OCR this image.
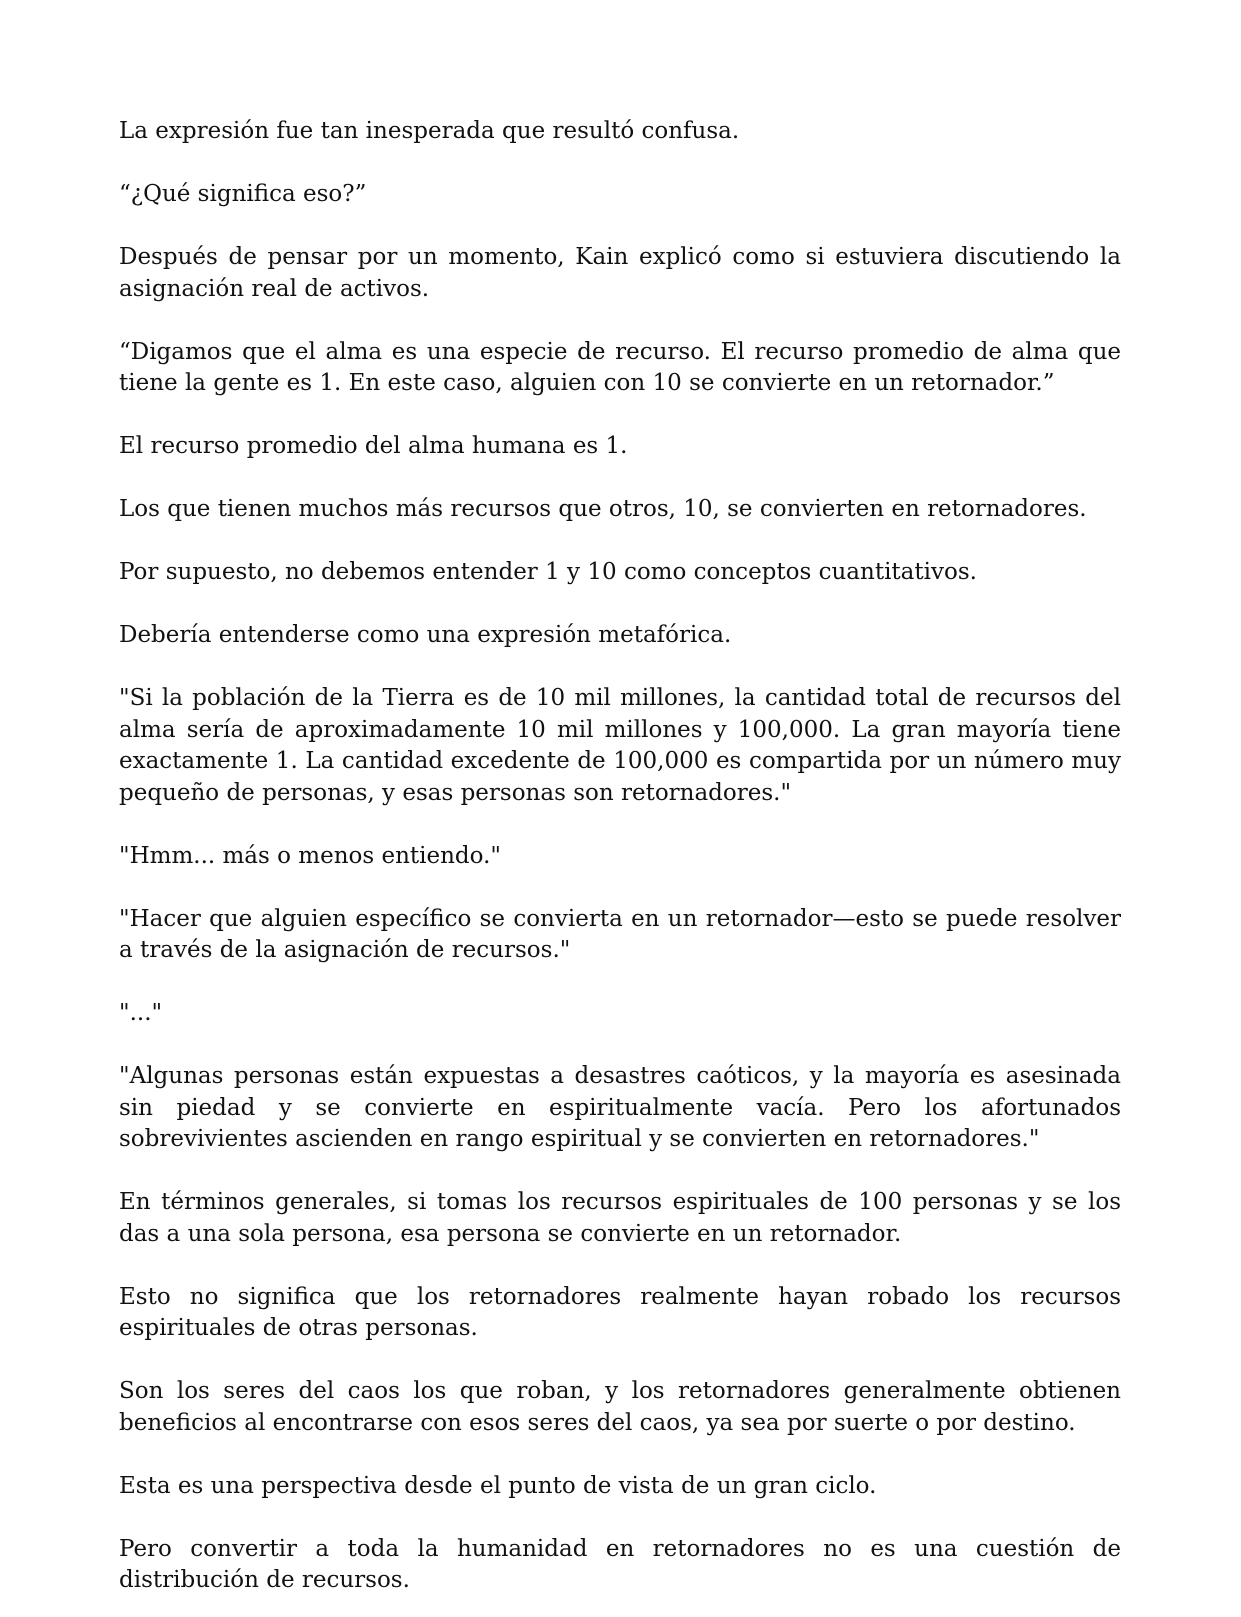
La expresión fue tan inesperada que resultó confusa.

“¿Qué significa eso?”

Después de pensar por un momento, Kain explicó como si estuviera discutiendo la asignación real de activos.

“Digamos que el alma es una especie de recurso. El recurso promedio de alma que tiene la gente es 1. En este caso, alguien con 10 se convierte en un retornador.”

El recurso promedio del alma humana es 1.

Los que tienen muchos más recursos que otros, 10, se convierten en retornadores.

Por supuesto, no debemos entender 1 y 10 como conceptos cuantitativos.

Debería entenderse como una expresión metafórica.

"Si la población de la Tierra es de 10 mil millones, la cantidad total de recursos del alma sería de aproximadamente 10 mil millones y 100,000. La gran mayoría tiene exactamente 1. La cantidad excedente de 100,000 es compartida por un número muy pequeño de personas, y esas personas son retornadores."

"Hmm... más o menos entiendo."

"Hacer que alguien específico se convierta en un retornador—esto se puede resolver a través de la asignación de recursos."

"..."

"Algunas personas están expuestas a desastres caóticos, y la mayoría es asesinada sin piedad y se convierte en espiritualmente vacía. Pero los afortunados sobrevivientes ascienden en rango espiritual y se convierten en retornadores."

En términos generales, si tomas los recursos espirituales de 100 personas y se los das a una sola persona, esa persona se convierte en un retornador.

Esto no significa que los retornadores realmente hayan robado los recursos espirituales de otras personas.

Son los seres del caos los que roban, y los retornadores generalmente obtienen beneficios al encontrarse con esos seres del caos, ya sea por suerte o por destino.

Esta es una perspectiva desde el punto de vista de un gran ciclo.

Pero convertir a toda la humanidad en retornadores no es una cuestión de distribución de recursos.
